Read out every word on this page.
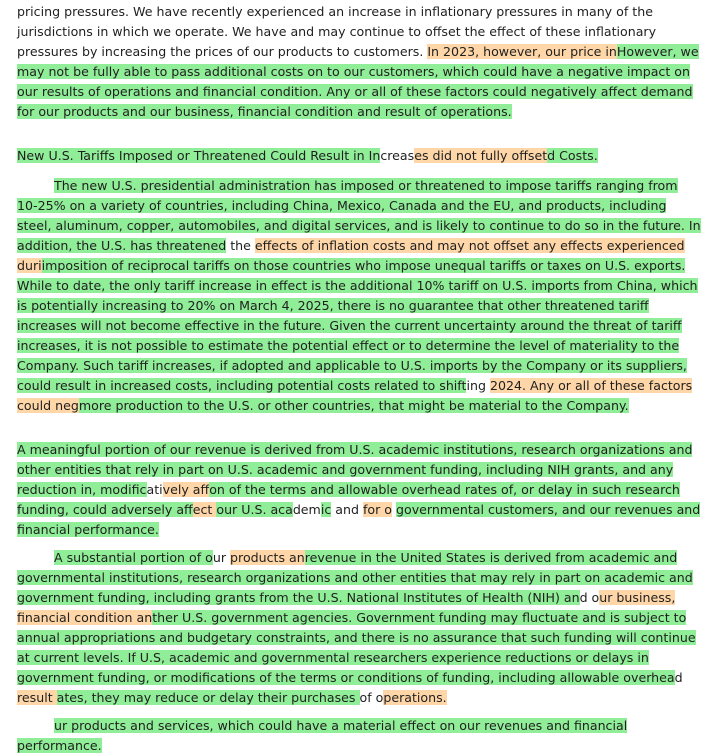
pricing pressures. We have recently experienced an increase in inflationary pressures in many of the jurisdictions in which we operate. We have and may continue to offset the effect of these inflationary pressures by increasing the prices of our products to customers. In 2023, however, our price inHowever, we may not be fully able to pass additional costs on to our customers, which could have a negative impact on our results of operations and financial condition. Any or all of these factors could negatively affect demand for our products and our business, financial condition and result of operations.

New U.S. Tariffs Imposed or Threatened Could Result in Increases did not fully offsetd Costs.

The new U.S. presidential administration has imposed or threatened to impose tariffs ranging from 10-25% on a variety of countries, including China, Mexico, Canada and the EU, and products, including steel, aluminum, copper, automobiles, and digital services, and is likely to continue to do so in the future. In addition, the U.S. has threatened the effects of inflation costs and may not offset any effects experienced duriimposition of reciprocal tariffs on those countries who impose unequal tariffs or taxes on U.S. exports. While to date, the only tariff increase in effect is the additional 10% tariff on U.S. imports from China, which is potentially increasing to 20% on March 4, 2025, there is no guarantee that other threatened tariff increases will not become effective in the future. Given the current uncertainty around the threat of tariff increases, it is not possible to estimate the potential effect or to determine the level of materiality to the Company. Such tariff increases, if adopted and applicable to U.S. imports by the Company or its suppliers, could result in increased costs, including potential costs related to shifting 2024. Any or all of these factors could negmore production to the U.S. or other countries, that might be material to the Company.

A meaningful portion of our revenue is derived from U.S. academic institutions, research organizations and other entities that rely in part on U.S. academic and government funding, including NIH grants, and any reduction in, modificatively affon of the terms and allowable overhead rates of, or delay in such research funding, could adversely affect our U.S. academic and for o governmental customers, and our revenues and financial performance.

A substantial portion of our products anrevenue in the United States is derived from academic and governmental institutions, research organizations and other entities that may rely in part on academic and government funding, including grants from the U.S. National Institutes of Health (NIH) and our business, financial condition anther U.S. government agencies. Government funding may fluctuate and is subject to annual appropriations and budgetary constraints, and there is no assurance that such funding will continue at current levels. If U.S, academic and governmental researchers experience reductions or delays in government funding, or modifications of the terms or conditions of funding, including allowable overhead result ates, they may reduce or delay their purchases of operations.

ur products and services, which could have a material effect on our revenues and financial performance.
